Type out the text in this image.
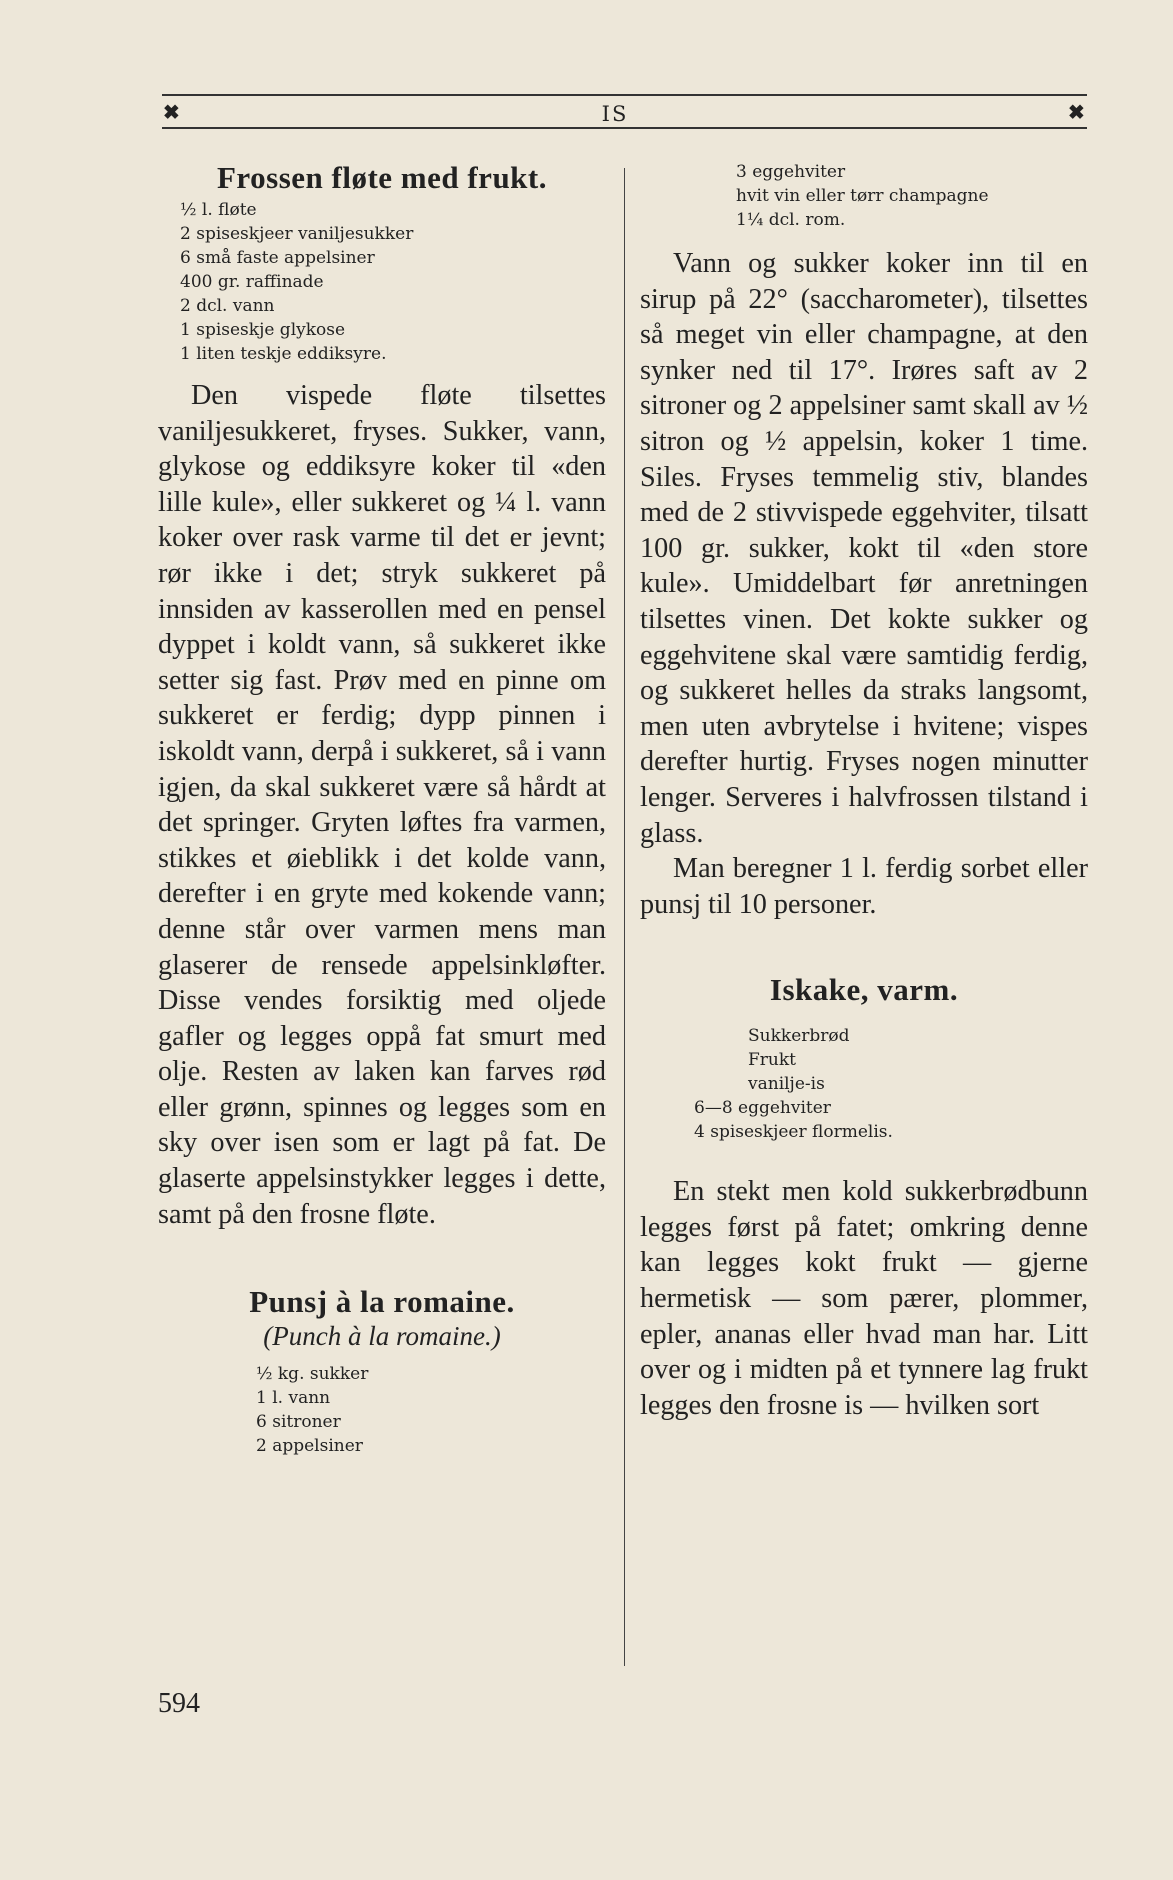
✖	IS	✖
Frossen fløte med frukt.
½ l. fløte
2 spiseskjeer vaniljesukker
6 små faste appelsiner
400 gr. raffinade
2 dcl. vann
1 spiseskje glykose
1 liten teskje eddiksyre.

Den vispede fløte tilsettes vaniljesukkeret, fryses. Sukker, vann, glykose og eddiksyre koker til «den lille kule», eller sukkeret og ¼ l. vann koker over rask varme til det er jevnt; rør ikke i det; stryk sukkeret på innsiden av kasserollen med en pensel dyppet i koldt vann, så sukkeret ikke setter sig fast. Prøv med en pinne om sukkeret er ferdig; dypp pinnen i iskoldt vann, derpå i sukkeret, så i vann igjen, da skal sukkeret være så hårdt at det springer. Gryten løftes fra varmen, stikkes et øieblikk i det kolde vann, derefter i en gryte med kokende vann; denne står over varmen mens man glaserer de rensede appelsinkløfter. Disse vendes forsiktig med oljede gafler og legges oppå fat smurt med olje. Resten av laken kan farves rød eller grønn, spinnes og legges som en sky over isen som er lagt på fat. De glaserte appelsinstykker legges i dette, samt på den frosne fløte.

Punsj à la romaine.

(Punch à la romaine.)

½ kg. sukker
1 l. vann
6 sitroner
2 appelsiner
3 eggehviter
hvit vin eller tørr champagne
1¼ dcl. rom.

Vann og sukker koker inn til en sirup på 22° (saccharometer), tilsettes så meget vin eller champagne, at den synker ned til 17°. Irøres saft av 2 sitroner og 2 appelsiner samt skall av ½ sitron og ½ appelsin, koker 1 time. Siles. Fryses temmelig stiv, blandes med de 2 stivvispede eggehviter, tilsatt 100 gr. sukker, kokt til «den store kule». Umiddelbart før anretningen tilsettes vinen. Det kokte sukker og eggehvitene skal være samtidig ferdig, og sukkeret helles da straks langsomt, men uten avbrytelse i hvitene; vispes derefter hurtig. Fryses nogen minutter lenger. Serveres i halvfrossen tilstand i glass.

Man beregner 1 l. ferdig sorbet eller punsj til 10 personer.

Iskake, varm.
Sukkerbrød
Frukt
vanilje-is
6—8 eggehviter
4 spiseskjeer flormelis.

En stekt men kold sukkerbrødbunn legges først på fatet; omkring denne kan legges kokt frukt — gjerne hermetisk — som pærer, plommer, epler, ananas eller hvad man har. Litt over og i midten på et tynnere lag frukt legges den frosne is — hvilken sort

594
